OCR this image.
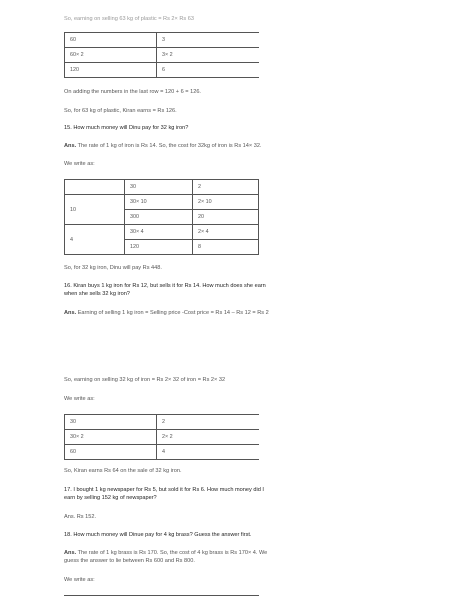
So, earning on selling 63 kg of plastic = Rs 2× Rs 63
60	3
60× 2	3× 2
120	6
On adding the numbers in the last row = 120 + 6 = 126.
So, for 63 kg of plastic, Kiran earns = Rs 126.
15. How much money will Dinu pay for 32 kg iron?
Ans. The rate of 1 kg of iron is Rs 14. So, the cost for 32kg of iron is Rs 14× 32.
We write as:
	30	2
10	30× 10	2× 10
	300	20
4	30× 4	2× 4
	120	8
So, for 32 kg iron, Dinu will pay Rs 448.
16. Kiran buys 1 kg iron for Rs 12, but sells it for Rs 14. How much does she earn
when she sells 32 kg iron?
Ans. Earning of selling 1 kg iron = Selling price -Cost price = Rs 14 – Rs 12 = Rs 2
So, earning on selling 32 kg of iron = Rs 2× 32 of iron = Rs 2× 32
We write as:
30	2
30× 2	2× 2
60	4
So, Kiran earns Rs 64 on the sale of 32 kg iron.
17. I bought 1 kg newspaper for Rs 5, but sold it for Rs 6. How much money did I
earn by selling 152 kg of newspaper?
Ans. Rs 152.
18. How much money will Dinue pay for 4 kg brass? Guess the answer first.
Ans. The rate of 1 kg brass is Rs 170. So, the cost of 4 kg brass is Rs 170× 4. We
guess the answer to lie between Rs 600 and Rs 800.
We write as:
